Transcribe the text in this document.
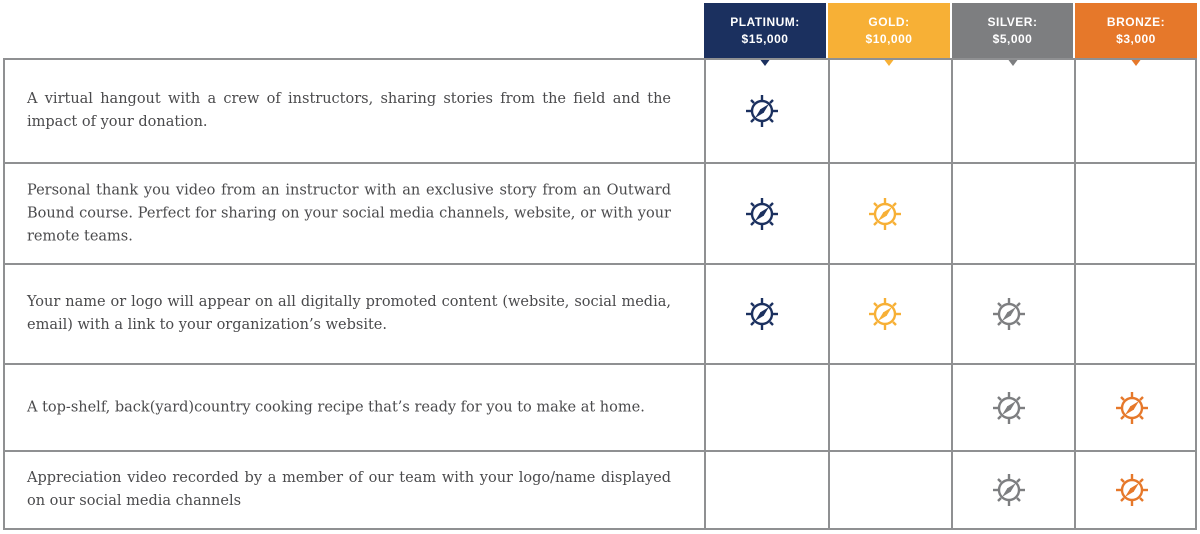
PLATINUM:
$15,000
GOLD:
$10,000
SILVER:
$5,000
BRONZE:
$3,000
A virtual hangout with a crew of instructors, sharing stories from the field and the impact of your donation.
Personal thank you video from an instructor with an exclusive story from an Outward Bound course. Perfect for sharing on your social media channels, website, or with your remote teams.
Your name or logo will appear on all digitally promoted content (website, social media, email) with a link to your organization’s website.
A top-shelf, back(yard)country cooking recipe that’s ready for you to make at home.
Appreciation video recorded by a member of our team with your logo/name displayed on our social media channels
